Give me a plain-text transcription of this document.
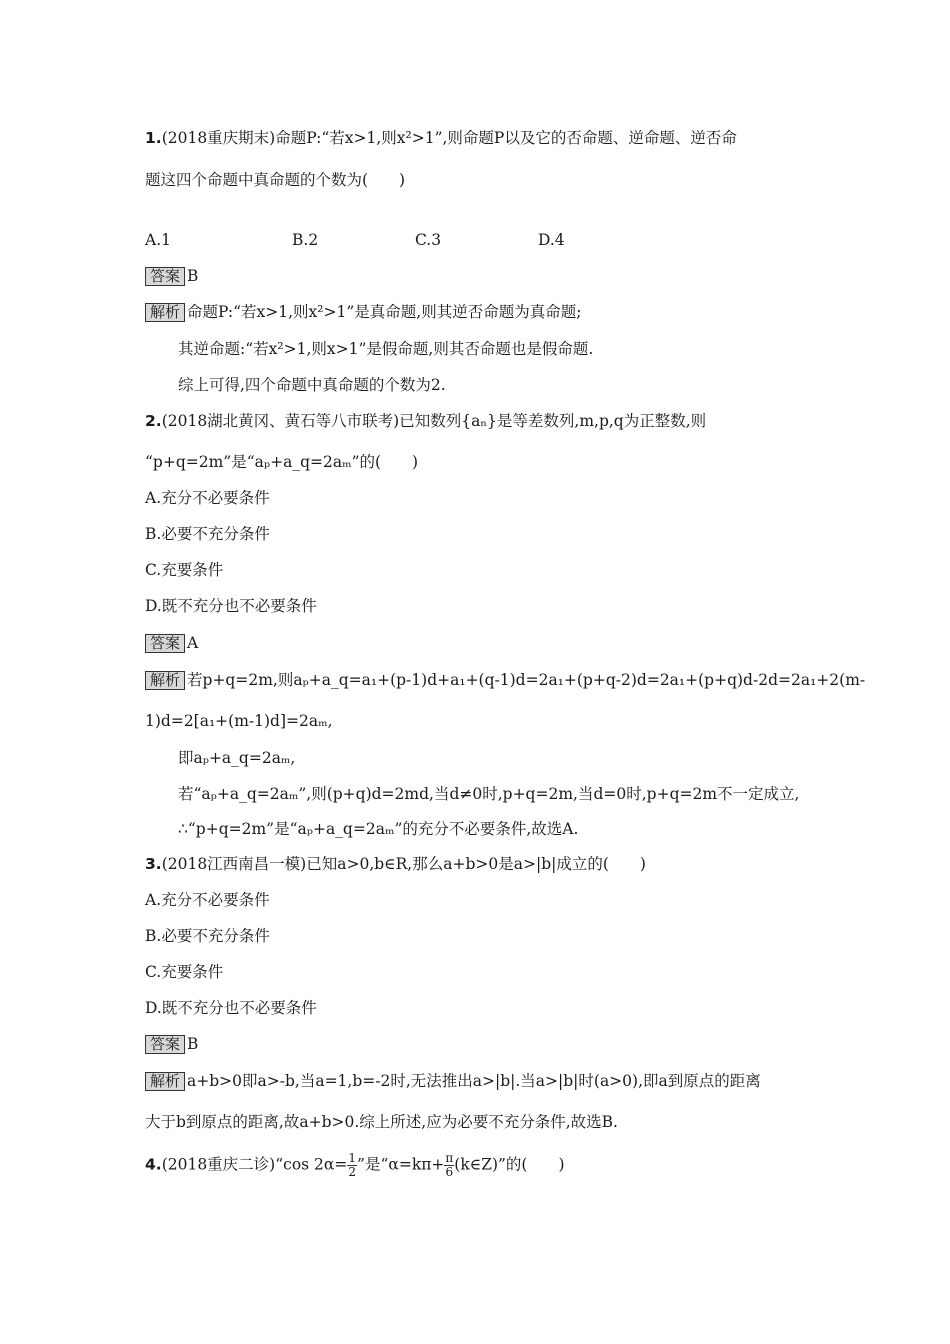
1.(2018重庆期末)命题P:“若x>1,则x²>1”,则命题P以及它的否命题、逆命题、逆否命
题这四个命题中真命题的个数为(　　)
A.1	B.2	C.3	D.4
答案 B
解析 命题P:“若x>1,则x²>1”是真命题,则其逆否命题为真命题;
其逆命题:“若x²>1,则x>1”是假命题,则其否命题也是假命题.
综上可得,四个命题中真命题的个数为2.
2.(2018湖北黄冈、黄石等八市联考)已知数列{aₙ}是等差数列,m,p,q为正整数,则
“p+q=2m”是“aₚ+a_q=2aₘ”的(　　)
A.充分不必要条件
B.必要不充分条件
C.充要条件
D.既不充分也不必要条件
答案 A
解析 若p+q=2m,则aₚ+a_q=a₁+(p-1)d+a₁+(q-1)d=2a₁+(p+q-2)d=2a₁+(p+q)d-2d=2a₁+2(m-
1)d=2[a₁+(m-1)d]=2aₘ,
即aₚ+a_q=2aₘ,
若“aₚ+a_q=2aₘ”,则(p+q)d=2md,当d≠0时,p+q=2m,当d=0时,p+q=2m不一定成立,
∴“p+q=2m”是“aₚ+a_q=2aₘ”的充分不必要条件,故选A.
3.(2018江西南昌一模)已知a>0,b∈R,那么a+b>0是a>|b|成立的(　　)
A.充分不必要条件
B.必要不充分条件
C.充要条件
D.既不充分也不必要条件
答案 B
解析 a+b>0即a>-b,当a=1,b=-2时,无法推出a>|b|.当a>|b|时(a>0),即a到原点的距离
大于b到原点的距离,故a+b>0.综上所述,应为必要不充分条件,故选B.
4.(2018重庆二诊)“cos $2\alpha= \frac{1}{2}$ ”是“$\alpha=k\pi+ \frac{\pi}{6}$ (k∈Z)”的(　　)
